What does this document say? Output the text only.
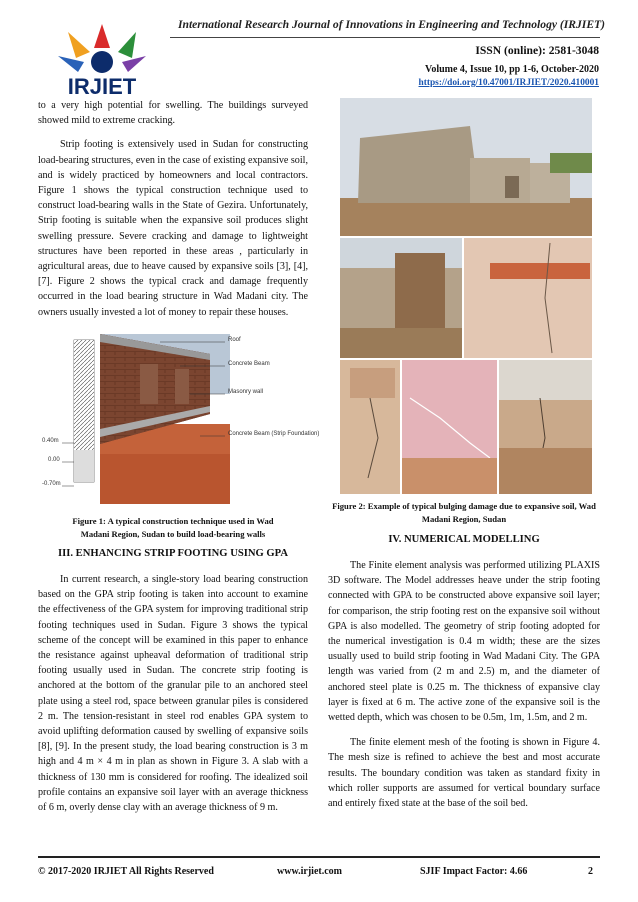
IRJIET
International Research Journal of Innovations in Engineering and Technology (IRJIET)
ISSN (online): 2581-3048
Volume 4, Issue 10, pp 1-6, October-2020
https://doi.org/10.47001/IRJIET/2020.410001

to a very high potential for swelling. The buildings surveyed showed mild to extreme cracking.

Strip footing is extensively used in Sudan for constructing load-bearing structures, even in the case of existing expansive soil, and is widely practiced by homeowners and local contractors. Figure 1 shows the typical construction technique used to construct load-bearing walls in the State of Gezira. Unfortunately, Strip footing is suitable when the expansive soil produces slight swelling pressure. Severe cracking and damage to lightweight structures have been reported in these areas , particularly in agricultural areas, due to heave caused by expansive soils [3], [4], [7]. Figure 2 shows the typical crack and damage frequently occurred in the load bearing structure in Wad Madani city. The owners usually invested a lot of money to repair these houses.

Roof
Concrete Beam
Masonry wall
Concrete Beam (Strip Foundation)
0.40m
0.00
-0.70m
Figure 1: A typical construction technique used in Wad Madani Region, Sudan to build load-bearing walls
III. ENHANCING STRIP FOOTING USING GPA

In current research, a single-story load bearing construction based on the GPA strip footing is taken into account to examine the effectiveness of the GPA system for improving traditional strip footing techniques used in Sudan. Figure 3 shows the typical scheme of the concept will be examined in this paper to enhance the resistance against upheaval deformation of traditional strip footing usually used in Sudan. The concrete strip footing is anchored at the bottom of the granular pile to an anchored steel plate using a steel rod, space between granular piles is considered 2 m. The tension-resistant in steel rod enables GPA system to avoid uplifting deformation caused by swelling of expansive soils [8], [9]. In the present study, the load bearing construction is 3 m high and 4 m × 4 m in plan as shown in Figure 3. A slab with a thickness of 130 mm is considered for roofing. The idealized soil profile contains an expansive soil layer with an average thickness of 6 m, overly dense clay with an average thickness of 9 m.

Figure 2: Example of typical bulging damage due to expansive soil, Wad Madani Region, Sudan
IV. NUMERICAL MODELLING

The Finite element analysis was performed utilizing PLAXIS 3D software. The Model addresses heave under the strip footing connected with GPA to be constructed above expansive soil layer; for comparison, the strip footing rest on the expansive soil without GPA is also modelled. The geometry of strip footing adopted for the numerical investigation is 0.4 m width; these are the sizes usually used to build strip footing in Wad Madani City. The GPA length was varied from (2 m and 2.5) m, and the diameter of anchored steel plate is 0.25 m. The thickness of expansive clay layer is fixed at 6 m. The active zone of the expansive soil is the wetted depth, which was chosen to be 0.5m, 1m, 1.5m, and 2 m.

The finite element mesh of the footing is shown in Figure 4. The mesh size is refined to achieve the best and most accurate results. The boundary condition was taken as standard fixity in which roller supports are assumed for vertical boundary surface and entirely fixed state at the base of the soil bed.

© 2017-2020 IRJIET All Rights Reserved	www.irjiet.com	SJIF Impact Factor: 4.66	2
